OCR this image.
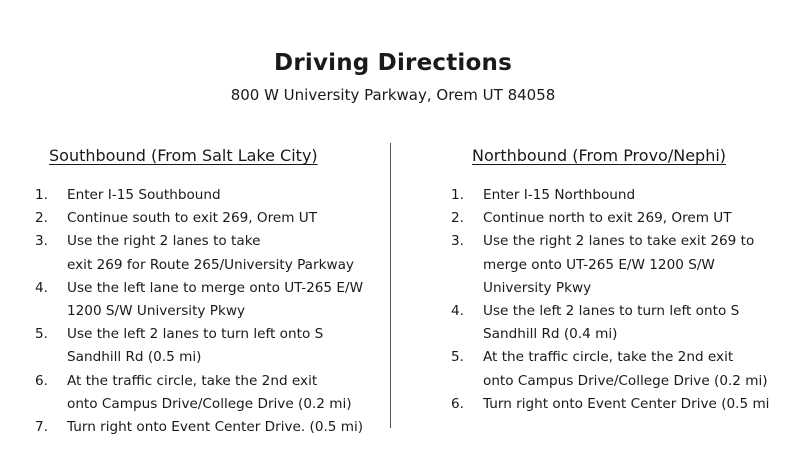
Driving Directions
800 W University Parkway, Orem UT 84058
Southbound (From Salt Lake City)
1. Enter I-15 Southbound
2. Continue south to exit 269, Orem UT
3. Use the right 2 lanes to take
exit 269 for Route 265/University Parkway
4. Use the left lane to merge onto UT-265 E/W
1200 S/W University Pkwy
5. Use the left 2 lanes to turn left onto S
Sandhill Rd (0.5 mi)
6. At the traffic circle, take the 2nd exit
onto Campus Drive/College Drive (0.2 mi)
7. Turn right onto Event Center Drive. (0.5 mi)
Northbound (From Provo/Nephi)
1. Enter I-15 Northbound
2. Continue north to exit 269, Orem UT
3. Use the right 2 lanes to take exit 269 to
merge onto UT-265 E/W 1200 S/W
University Pkwy
4. Use the left 2 lanes to turn left onto S
Sandhill Rd (0.4 mi)
5. At the traffic circle, take the 2nd exit
onto Campus Drive/College Drive (0.2 mi)
6. Turn right onto Event Center Drive (0.5 mi
